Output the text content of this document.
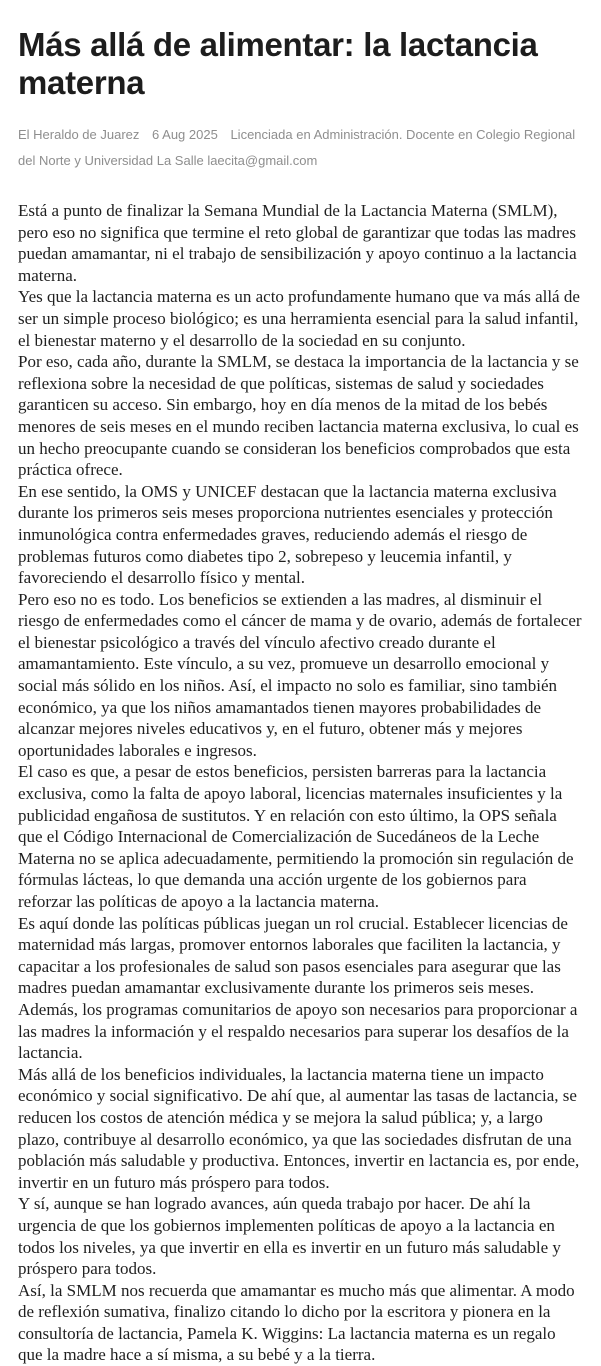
Más allá de alimentar: la lactancia materna
El Heraldo de Juarez 6 Aug 2025 Licenciada en Administración. Docente en Colegio Regional del Norte y Universidad La Salle laecita@gmail.com

Está a punto de finalizar la Semana Mundial de la Lactancia Materna (SMLM), pero eso no significa que termine el reto global de garantizar que todas las madres puedan amamantar, ni el trabajo de sensibilización y apoyo continuo a la lactancia materna.

Yes que la lactancia materna es un acto profundamente humano que va más allá de ser un simple proceso biológico; es una herramienta esencial para la salud infantil, el bienestar materno y el desarrollo de la sociedad en su conjunto.

Por eso, cada año, durante la SMLM, se destaca la importancia de la lactancia y se reflexiona sobre la necesidad de que políticas, sistemas de salud y sociedades garanticen su acceso. Sin embargo, hoy en día menos de la mitad de los bebés menores de seis meses en el mundo reciben lactancia materna exclusiva, lo cual es un hecho preocupante cuando se consideran los beneficios comprobados que esta práctica ofrece.

En ese sentido, la OMS y UNICEF destacan que la lactancia materna exclusiva durante los primeros seis meses proporciona nutrientes esenciales y protección inmunológica contra enfermedades graves, reduciendo además el riesgo de problemas futuros como diabetes tipo 2, sobrepeso y leucemia infantil, y favoreciendo el desarrollo físico y mental.

Pero eso no es todo. Los beneficios se extienden a las madres, al disminuir el riesgo de enfermedades como el cáncer de mama y de ovario, además de fortalecer el bienestar psicológico a través del vínculo afectivo creado durante el amamantamiento. Este vínculo, a su vez, promueve un desarrollo emocional y social más sólido en los niños. Así, el impacto no solo es familiar, sino también económico, ya que los niños amamantados tienen mayores probabilidades de alcanzar mejores niveles educativos y, en el futuro, obtener más y mejores oportunidades laborales e ingresos.

El caso es que, a pesar de estos beneficios, persisten barreras para la lactancia exclusiva, como la falta de apoyo laboral, licencias maternales insuficientes y la publicidad engañosa de sustitutos. Y en relación con esto último, la OPS señala que el Código Internacional de Comercialización de Sucedáneos de la Leche Materna no se aplica adecuadamente, permitiendo la promoción sin regulación de fórmulas lácteas, lo que demanda una acción urgente de los gobiernos para reforzar las políticas de apoyo a la lactancia materna.

Es aquí donde las políticas públicas juegan un rol crucial. Establecer licencias de maternidad más largas, promover entornos laborales que faciliten la lactancia, y capacitar a los profesionales de salud son pasos esenciales para asegurar que las madres puedan amamantar exclusivamente durante los primeros seis meses. Además, los programas comunitarios de apoyo son necesarios para proporcionar a las madres la información y el respaldo necesarios para superar los desafíos de la lactancia.

Más allá de los beneficios individuales, la lactancia materna tiene un impacto económico y social significativo. De ahí que, al aumentar las tasas de lactancia, se reducen los costos de atención médica y se mejora la salud pública; y, a largo plazo, contribuye al desarrollo económico, ya que las sociedades disfrutan de una población más saludable y productiva. Entonces, invertir en lactancia es, por ende, invertir en un futuro más próspero para todos.

Y sí, aunque se han logrado avances, aún queda trabajo por hacer. De ahí la urgencia de que los gobiernos implementen políticas de apoyo a la lactancia en todos los niveles, ya que invertir en ella es invertir en un futuro más saludable y próspero para todos.

Así, la SMLM nos recuerda que amamantar es mucho más que alimentar. A modo de reflexión sumativa, finalizo citando lo dicho por la escritora y pionera en la consultoría de lactancia, Pamela K. Wiggins: La lactancia materna es un regalo que la madre hace a sí misma, a su bebé y a la tierra.
